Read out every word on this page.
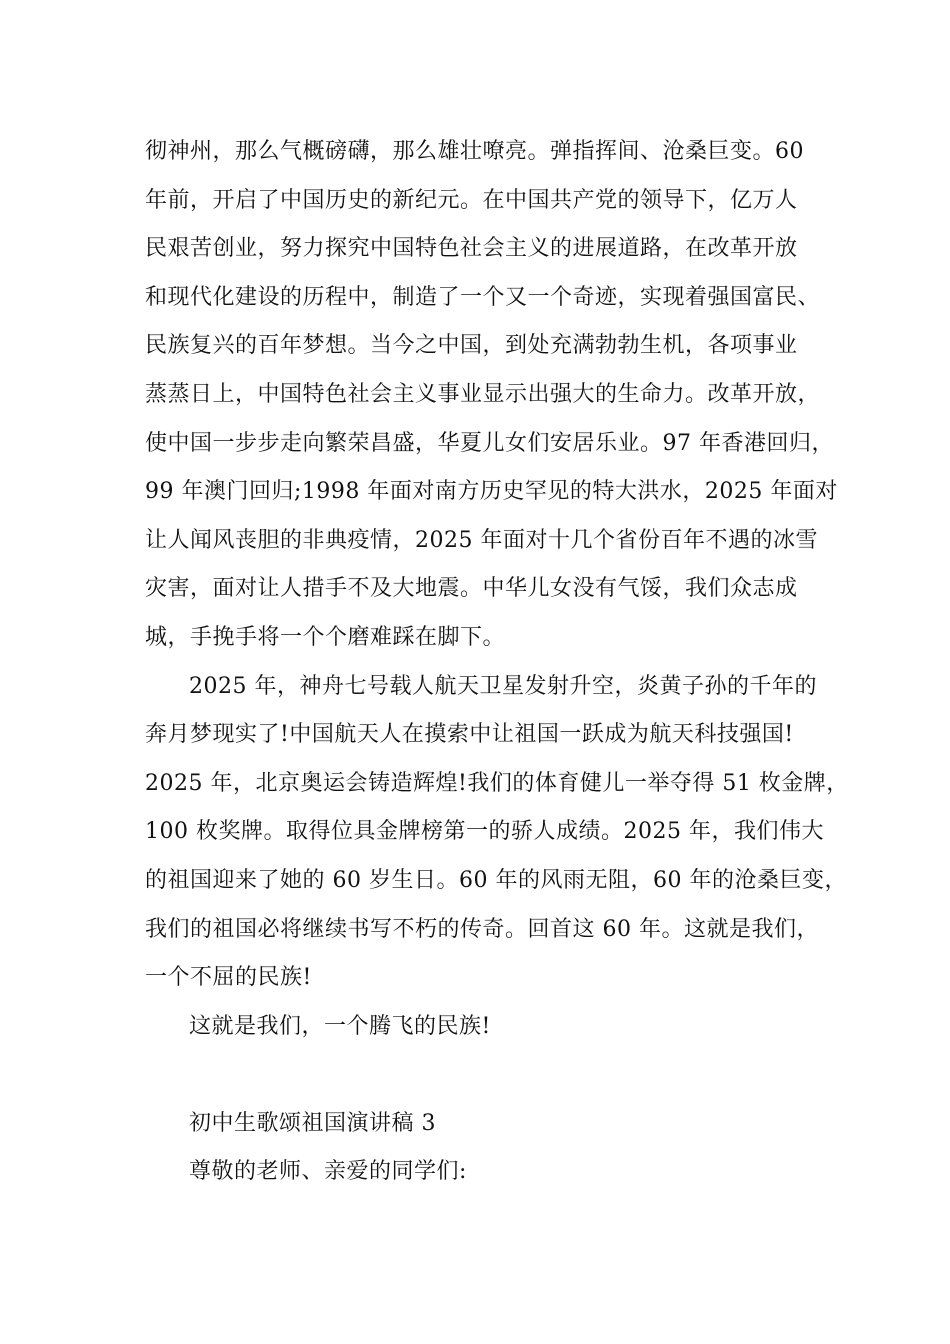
彻神州，那么气概磅礴，那么雄壮嘹亮。弹指挥间、沧桑巨变。60
年前，开启了中国历史的新纪元。在中国共产党的领导下，亿万人
民艰苦创业，努力探究中国特色社会主义的进展道路，在改革开放
和现代化建设的历程中，制造了一个又一个奇迹，实现着强国富民、
民族复兴的百年梦想。当今之中国，到处充满勃勃生机，各项事业
蒸蒸日上，中国特色社会主义事业显示出强大的生命力。改革开放，
使中国一步步走向繁荣昌盛，华夏儿女们安居乐业。97 年香港回归，
99 年澳门回归;1998 年面对南方历史罕见的特大洪水，2025 年面对
让人闻风丧胆的非典疫情，2025 年面对十几个省份百年不遇的冰雪
灾害，面对让人措手不及大地震。中华儿女没有气馁，我们众志成
城，手挽手将一个个磨难踩在脚下。
2025 年，神舟七号载人航天卫星发射升空，炎黄子孙的千年的
奔月梦现实了!中国航天人在摸索中让祖国一跃成为航天科技强国!
2025 年，北京奥运会铸造辉煌!我们的体育健儿一举夺得 51 枚金牌，
100 枚奖牌。取得位具金牌榜第一的骄人成绩。2025 年，我们伟大
的祖国迎来了她的 60 岁生日。60 年的风雨无阻，60 年的沧桑巨变，
我们的祖国必将继续书写不朽的传奇。回首这 60 年。这就是我们，
一个不屈的民族!
这就是我们，一个腾飞的民族!
初中生歌颂祖国演讲稿 3
尊敬的老师、亲爱的同学们:
